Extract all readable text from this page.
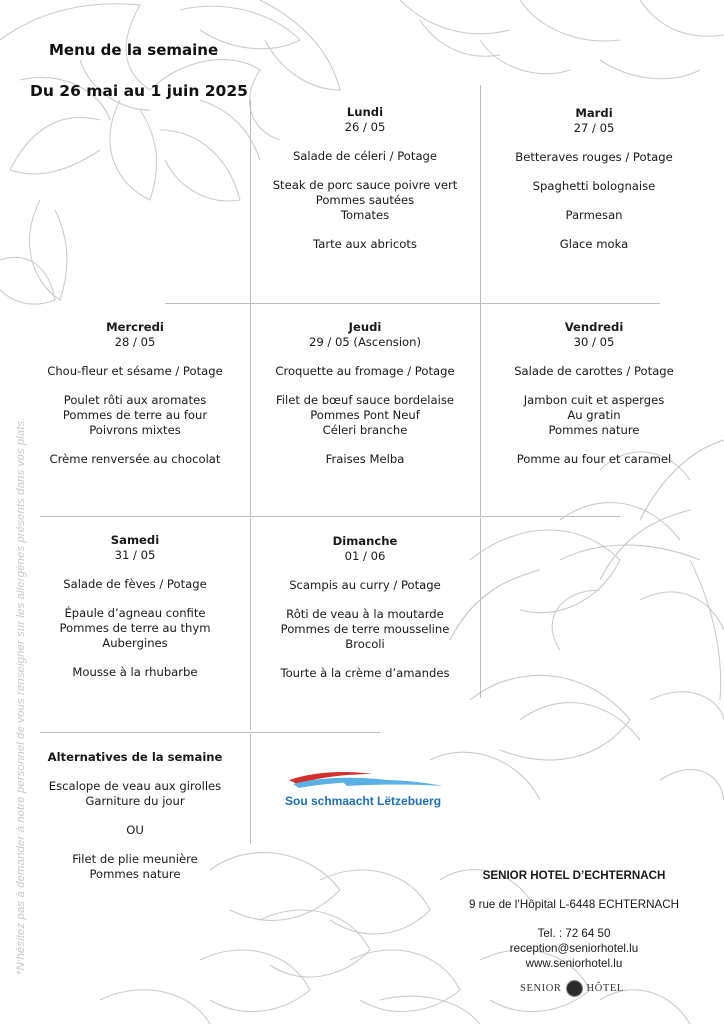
Menu de la semaine
Du 26 mai au 1 juin 2025
Lundi
26 / 05
Salade de céleri / Potage
Steak de porc sauce poivre vert
Pommes sautées
Tomates
Tarte aux abricots
Mardi
27 / 05
Betteraves rouges / Potage
Spaghetti bolognaise
Parmesan
Glace moka
Mercredi
28 / 05
Chou-fleur et sésame / Potage
Poulet rôti aux aromates
Pommes de terre au four
Poivrons mixtes
Crème renversée au chocolat
Jeudi
29 / 05 (Ascension)
Croquette au fromage / Potage
Filet de bœuf sauce bordelaise
Pommes Pont Neuf
Céleri branche
Fraises Melba
Vendredi
30 / 05
Salade de carottes / Potage
Jambon cuit et asperges
Au gratin
Pommes nature
Pomme au four et caramel
Samedi
31 / 05
Salade de fèves / Potage
Épaule d’agneau confite
Pommes de terre au thym
Aubergines
Mousse à la rhubarbe
Dimanche
01 / 06
Scampis au curry / Potage
Rôti de veau à la moutarde
Pommes de terre mousseline
Brocoli
Tourte à la crème d’amandes
Alternatives de la semaine
Escalope de veau aux girolles
Garniture du jour
OU
Filet de plie meunière
Pommes nature
Sou schmaacht Lëtzebuerg
SENIOR HOTEL D’ECHTERNACH
9 rue de l’Hôpital L-6448 ECHTERNACH
Tel. : 72 64 50
reception@seniorhotel.lu
www.seniorhotel.lu
SENIOR HÔTEL
*N’hésitez pas à demander à notre personnel de vous renseigner sur les allergènes présents dans vos plats.
